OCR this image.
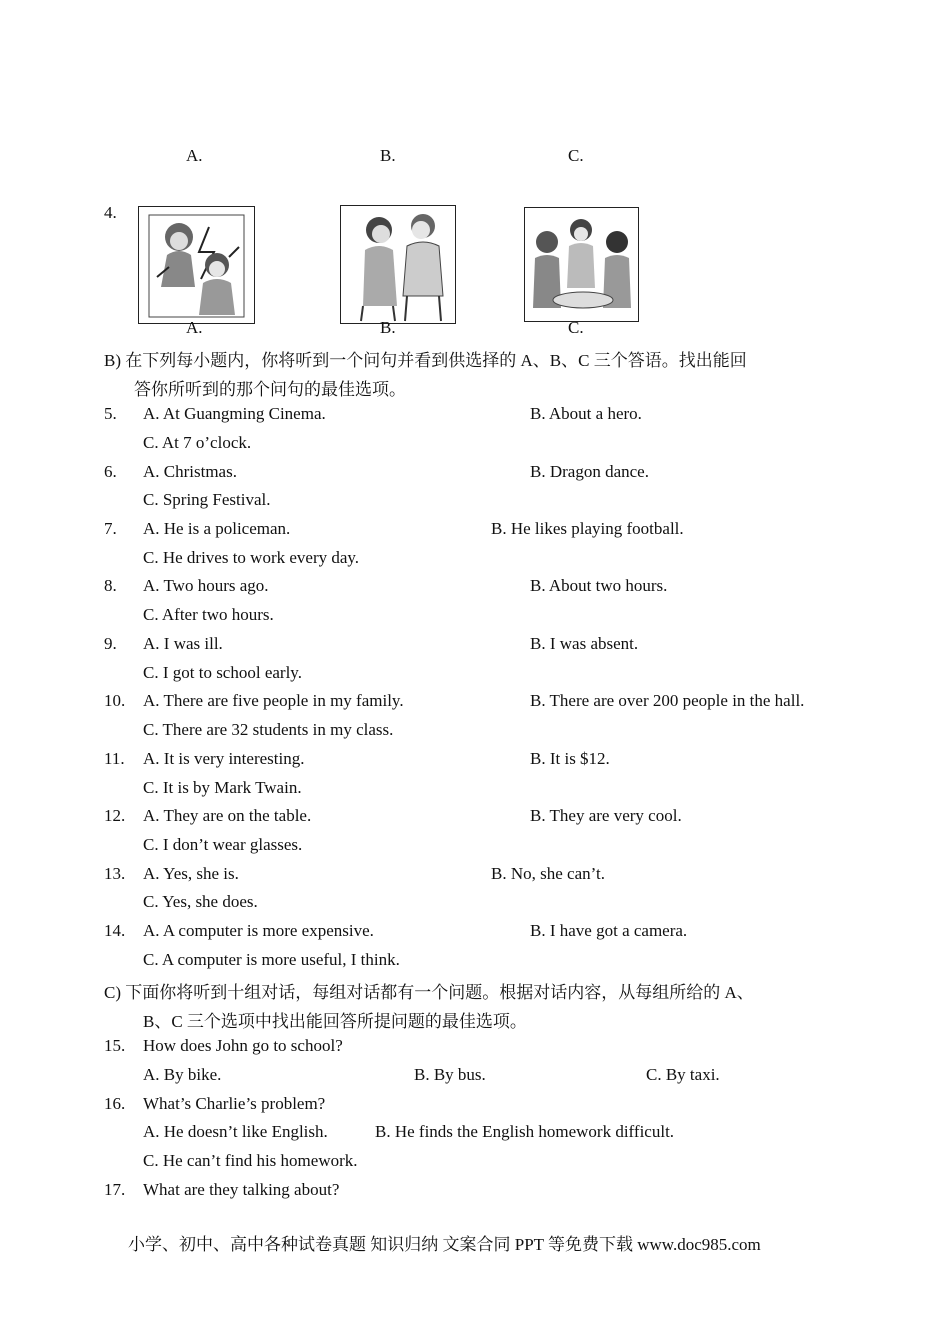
A.	B.	C.
4.
A.	B.	C.
B) 在下列每小题内，你将听到一个问句并看到供选择的 A、B、C 三个答语。找出能回
答你所听到的那个问句的最佳选项。
5. A. At Guangming Cinema.	B. About a hero.
C. At 7 o’clock.
6. A. Christmas.	B. Dragon dance.
C. Spring Festival.
7. A. He is a policeman.	B. He likes playing football.
C. He drives to work every day.
8. A. Two hours ago.	B. About two hours.
C. After two hours.
9. A. I was ill.	B. I was absent.
C. I got to school early.
10. A. There are five people in my family.	B. There are over 200 people in the hall.
C. There are 32 students in my class.
11. A. It is very interesting.	B. It is $12.
C. It is by Mark Twain.
12. A. They are on the table.	B. They are very cool.
C. I don’t wear glasses.
13. A. Yes, she is.	B. No, she can’t.
C. Yes, she does.
14. A. A computer is more expensive.	B. I have got a camera.
C. A computer is more useful, I think.
C) 下面你将听到十组对话，每组对话都有一个问题。根据对话内容，从每组所给的 A、
B、C 三个选项中找出能回答所提问题的最佳选项。
15. How does John go to school?
A. By bike.	B. By bus.	C. By taxi.
16. What’s Charlie’s problem?
A. He doesn’t like English.	B. He finds the English homework difficult.
C. He can’t find his homework.
17. What are they talking about?
小学、初中、高中各种试卷真题 知识归纳 文案合同 PPT 等免费下载 www.doc985.com
